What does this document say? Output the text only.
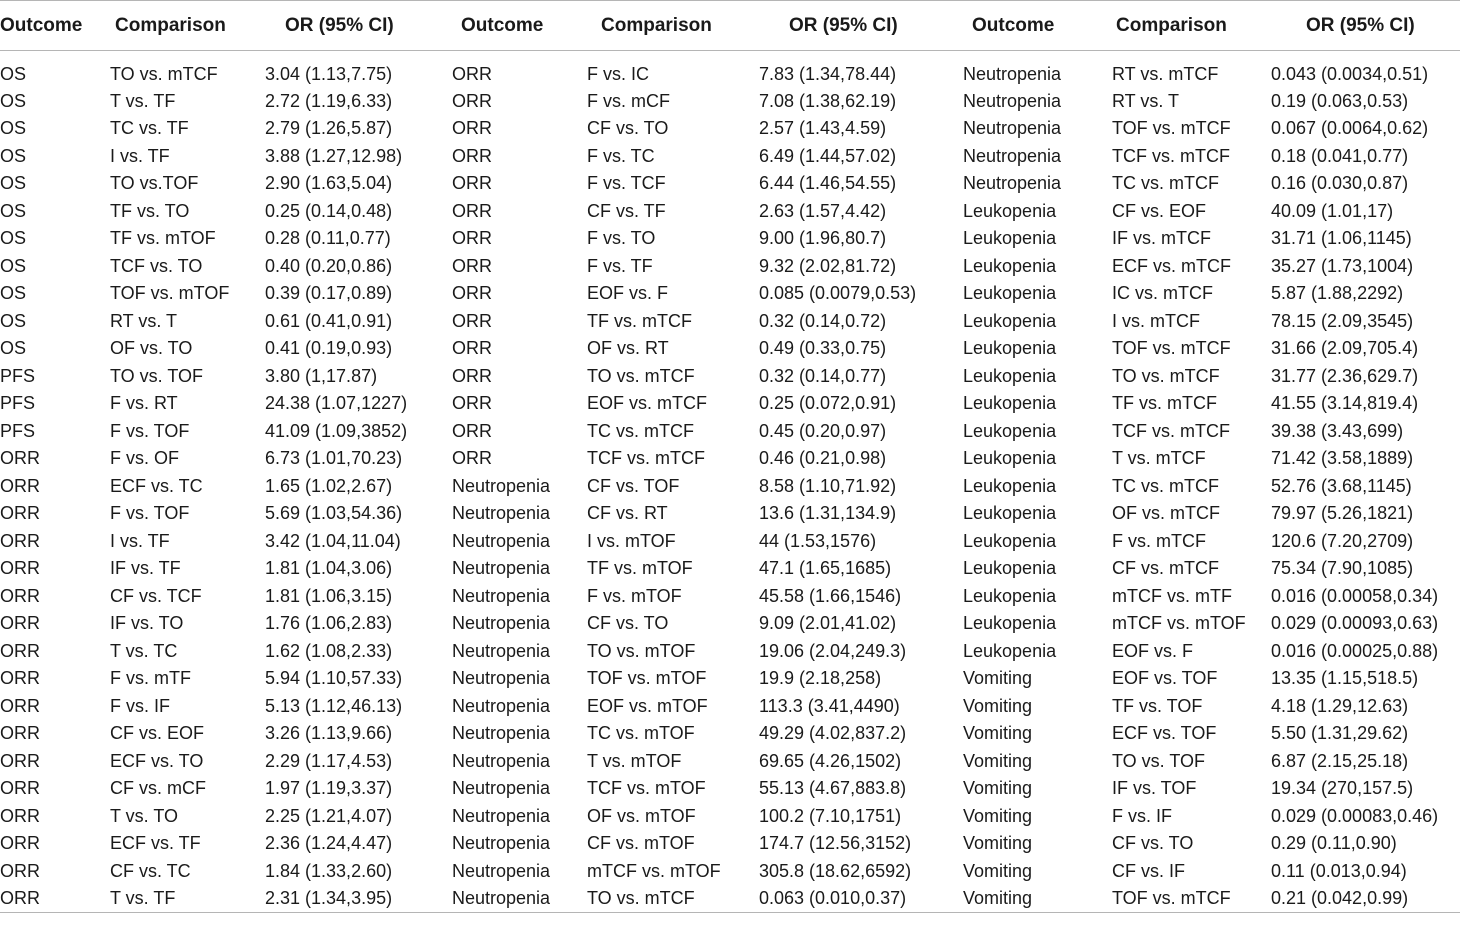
Outcome	Comparison	OR (95% CI)	Outcome	Comparison	OR (95% CI)	Outcome	Comparison	OR (95% CI)
OS	TO vs. mTCF	3.04 (1.13,7.75)	ORR	F vs. IC	7.83 (1.34,78.44)	Neutropenia	RT vs. mTCF	0.043 (0.0034,0.51)
OS	T vs. TF	2.72 (1.19,6.33)	ORR	F vs. mCF	7.08 (1.38,62.19)	Neutropenia	RT vs. T	0.19 (0.063,0.53)
OS	TC vs. TF	2.79 (1.26,5.87)	ORR	CF vs. TO	2.57 (1.43,4.59)	Neutropenia	TOF vs. mTCF	0.067 (0.0064,0.62)
OS	I vs. TF	3.88 (1.27,12.98)	ORR	F vs. TC	6.49 (1.44,57.02)	Neutropenia	TCF vs. mTCF	0.18 (0.041,0.77)
OS	TO vs.TOF	2.90 (1.63,5.04)	ORR	F vs. TCF	6.44 (1.46,54.55)	Neutropenia	TC vs. mTCF	0.16 (0.030,0.87)
OS	TF vs. TO	0.25 (0.14,0.48)	ORR	CF vs. TF	2.63 (1.57,4.42)	Leukopenia	CF vs. EOF	40.09 (1.01,17)
OS	TF vs. mTOF	0.28 (0.11,0.77)	ORR	F vs. TO	9.00 (1.96,80.7)	Leukopenia	IF vs. mTCF	31.71 (1.06,1145)
OS	TCF vs. TO	0.40 (0.20,0.86)	ORR	F vs. TF	9.32 (2.02,81.72)	Leukopenia	ECF vs. mTCF	35.27 (1.73,1004)
OS	TOF vs. mTOF	0.39 (0.17,0.89)	ORR	EOF vs. F	0.085 (0.0079,0.53)	Leukopenia	IC vs. mTCF	5.87 (1.88,2292)
OS	RT vs. T	0.61 (0.41,0.91)	ORR	TF vs. mTCF	0.32 (0.14,0.72)	Leukopenia	I vs. mTCF	78.15 (2.09,3545)
OS	OF vs. TO	0.41 (0.19,0.93)	ORR	OF vs. RT	0.49 (0.33,0.75)	Leukopenia	TOF vs. mTCF	31.66 (2.09,705.4)
PFS	TO vs. TOF	3.80 (1,17.87)	ORR	TO vs. mTCF	0.32 (0.14,0.77)	Leukopenia	TO vs. mTCF	31.77 (2.36,629.7)
PFS	F vs. RT	24.38 (1.07,1227)	ORR	EOF vs. mTCF	0.25 (0.072,0.91)	Leukopenia	TF vs. mTCF	41.55 (3.14,819.4)
PFS	F vs. TOF	41.09 (1.09,3852)	ORR	TC vs. mTCF	0.45 (0.20,0.97)	Leukopenia	TCF vs. mTCF	39.38 (3.43,699)
ORR	F vs. OF	6.73 (1.01,70.23)	ORR	TCF vs. mTCF	0.46 (0.21,0.98)	Leukopenia	T vs. mTCF	71.42 (3.58,1889)
ORR	ECF vs. TC	1.65 (1.02,2.67)	Neutropenia	CF vs. TOF	8.58 (1.10,71.92)	Leukopenia	TC vs. mTCF	52.76 (3.68,1145)
ORR	F vs. TOF	5.69 (1.03,54.36)	Neutropenia	CF vs. RT	13.6 (1.31,134.9)	Leukopenia	OF vs. mTCF	79.97 (5.26,1821)
ORR	I vs. TF	3.42 (1.04,11.04)	Neutropenia	I vs. mTOF	44 (1.53,1576)	Leukopenia	F vs. mTCF	120.6 (7.20,2709)
ORR	IF vs. TF	1.81 (1.04,3.06)	Neutropenia	TF vs. mTOF	47.1 (1.65,1685)	Leukopenia	CF vs. mTCF	75.34 (7.90,1085)
ORR	CF vs. TCF	1.81 (1.06,3.15)	Neutropenia	F vs. mTOF	45.58 (1.66,1546)	Leukopenia	mTCF vs. mTF	0.016 (0.00058,0.34)
ORR	IF vs. TO	1.76 (1.06,2.83)	Neutropenia	CF vs. TO	9.09 (2.01,41.02)	Leukopenia	mTCF vs. mTOF	0.029 (0.00093,0.63)
ORR	T vs. TC	1.62 (1.08,2.33)	Neutropenia	TO vs. mTOF	19.06 (2.04,249.3)	Leukopenia	EOF vs. F	0.016 (0.00025,0.88)
ORR	F vs. mTF	5.94 (1.10,57.33)	Neutropenia	TOF vs. mTOF	19.9 (2.18,258)	Vomiting	EOF vs. TOF	13.35 (1.15,518.5)
ORR	F vs. IF	5.13 (1.12,46.13)	Neutropenia	EOF vs. mTOF	113.3 (3.41,4490)	Vomiting	TF vs. TOF	4.18 (1.29,12.63)
ORR	CF vs. EOF	3.26 (1.13,9.66)	Neutropenia	TC vs. mTOF	49.29 (4.02,837.2)	Vomiting	ECF vs. TOF	5.50 (1.31,29.62)
ORR	ECF vs. TO	2.29 (1.17,4.53)	Neutropenia	T vs. mTOF	69.65 (4.26,1502)	Vomiting	TO vs. TOF	6.87 (2.15,25.18)
ORR	CF vs. mCF	1.97 (1.19,3.37)	Neutropenia	TCF vs. mTOF	55.13 (4.67,883.8)	Vomiting	IF vs. TOF	19.34 (270,157.5)
ORR	T vs. TO	2.25 (1.21,4.07)	Neutropenia	OF vs. mTOF	100.2 (7.10,1751)	Vomiting	F vs. IF	0.029 (0.00083,0.46)
ORR	ECF vs. TF	2.36 (1.24,4.47)	Neutropenia	CF vs. mTOF	174.7 (12.56,3152)	Vomiting	CF vs. TO	0.29 (0.11,0.90)
ORR	CF vs. TC	1.84 (1.33,2.60)	Neutropenia	mTCF vs. mTOF	305.8 (18.62,6592)	Vomiting	CF vs. IF	0.11 (0.013,0.94)
ORR	T vs. TF	2.31 (1.34,3.95)	Neutropenia	TO vs. mTCF	0.063 (0.010,0.37)	Vomiting	TOF vs. mTCF	0.21 (0.042,0.99)
